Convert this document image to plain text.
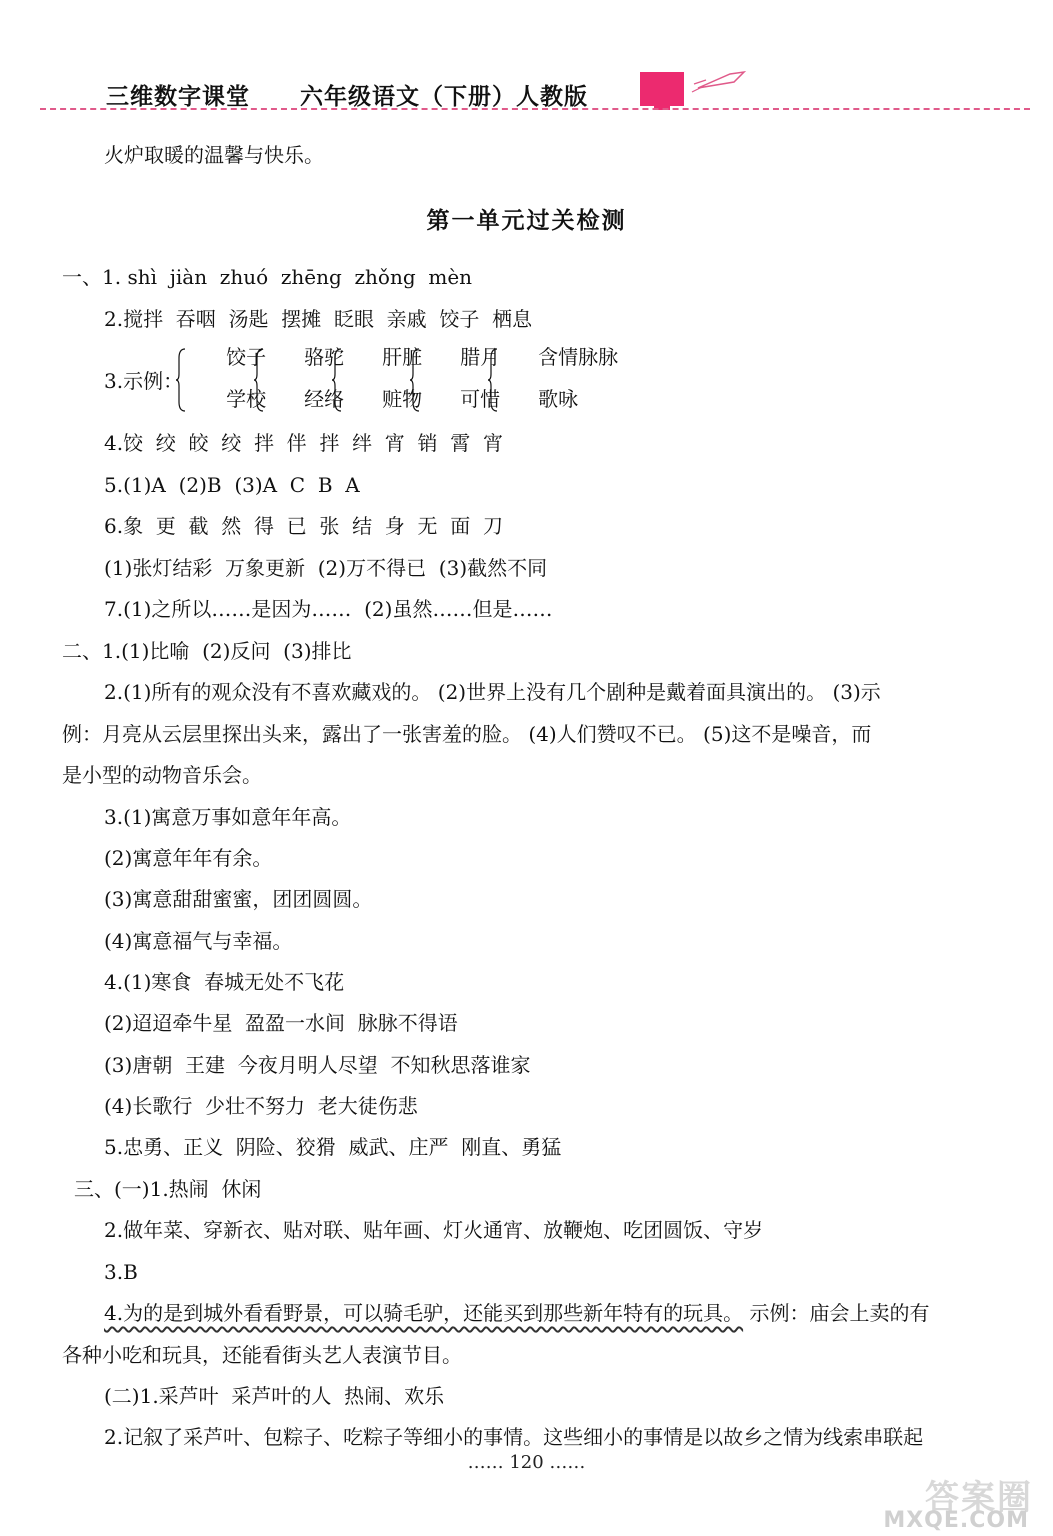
三维数字课堂 六年级语文（下册）人教版
火炉取暖的温馨与快乐。
第一单元过关检测
一、1. shì  jiàn  zhuó  zhēng  zhǒng  mèn
2.搅拌  吞咽  汤匙  摆摊  眨眼  亲戚  饺子  栖息
3.示例：

饺子

学校

骆驼

经络

肝脏

赃物

腊月

可惜

含情脉脉

歌咏

4.饺  绞  皎  绞  拌  伴  拌  绊  宵  销  霄  宵
5.(1)A  (2)B  (3)A  C  B  A
6.象  更  截  然  得  已  张  结  身  无  面  刀
(1)张灯结彩  万象更新  (2)万不得已  (3)截然不同
7.(1)之所以……是因为……  (2)虽然……但是……
二、1.(1)比喻  (2)反问  (3)排比
2.(1)所有的观众没有不喜欢藏戏的。 (2)世界上没有几个剧种是戴着面具演出的。 (3)示
例：月亮从云层里探出头来，露出了一张害羞的脸。 (4)人们赞叹不已。 (5)这不是噪音，而
是小型的动物音乐会。
3.(1)寓意万事如意年年高。
(2)寓意年年有余。
(3)寓意甜甜蜜蜜，团团圆圆。
(4)寓意福气与幸福。
4.(1)寒食  春城无处不飞花
(2)迢迢牵牛星  盈盈一水间  脉脉不得语
(3)唐朝  王建  今夜月明人尽望  不知秋思落谁家
(4)长歌行  少壮不努力  老大徒伤悲
5.忠勇、正义  阴险、狡猾  威武、庄严  刚直、勇猛
三、(一)1.热闹  休闲
2.做年菜、穿新衣、贴对联、贴年画、灯火通宵、放鞭炮、吃团圆饭、守岁
3.B
4.为的是到城外看看野景，可以骑毛驴，还能买到那些新年特有的玩具。 示例：庙会上卖的有
各种小吃和玩具，还能看街头艺人表演节目。
(二)1.采芦叶  采芦叶的人  热闹、欢乐
2.记叙了采芦叶、包粽子、吃粽子等细小的事情。这些细小的事情是以故乡之情为线索串联起
…… 120 ……
答案圈
MXQE.COM
